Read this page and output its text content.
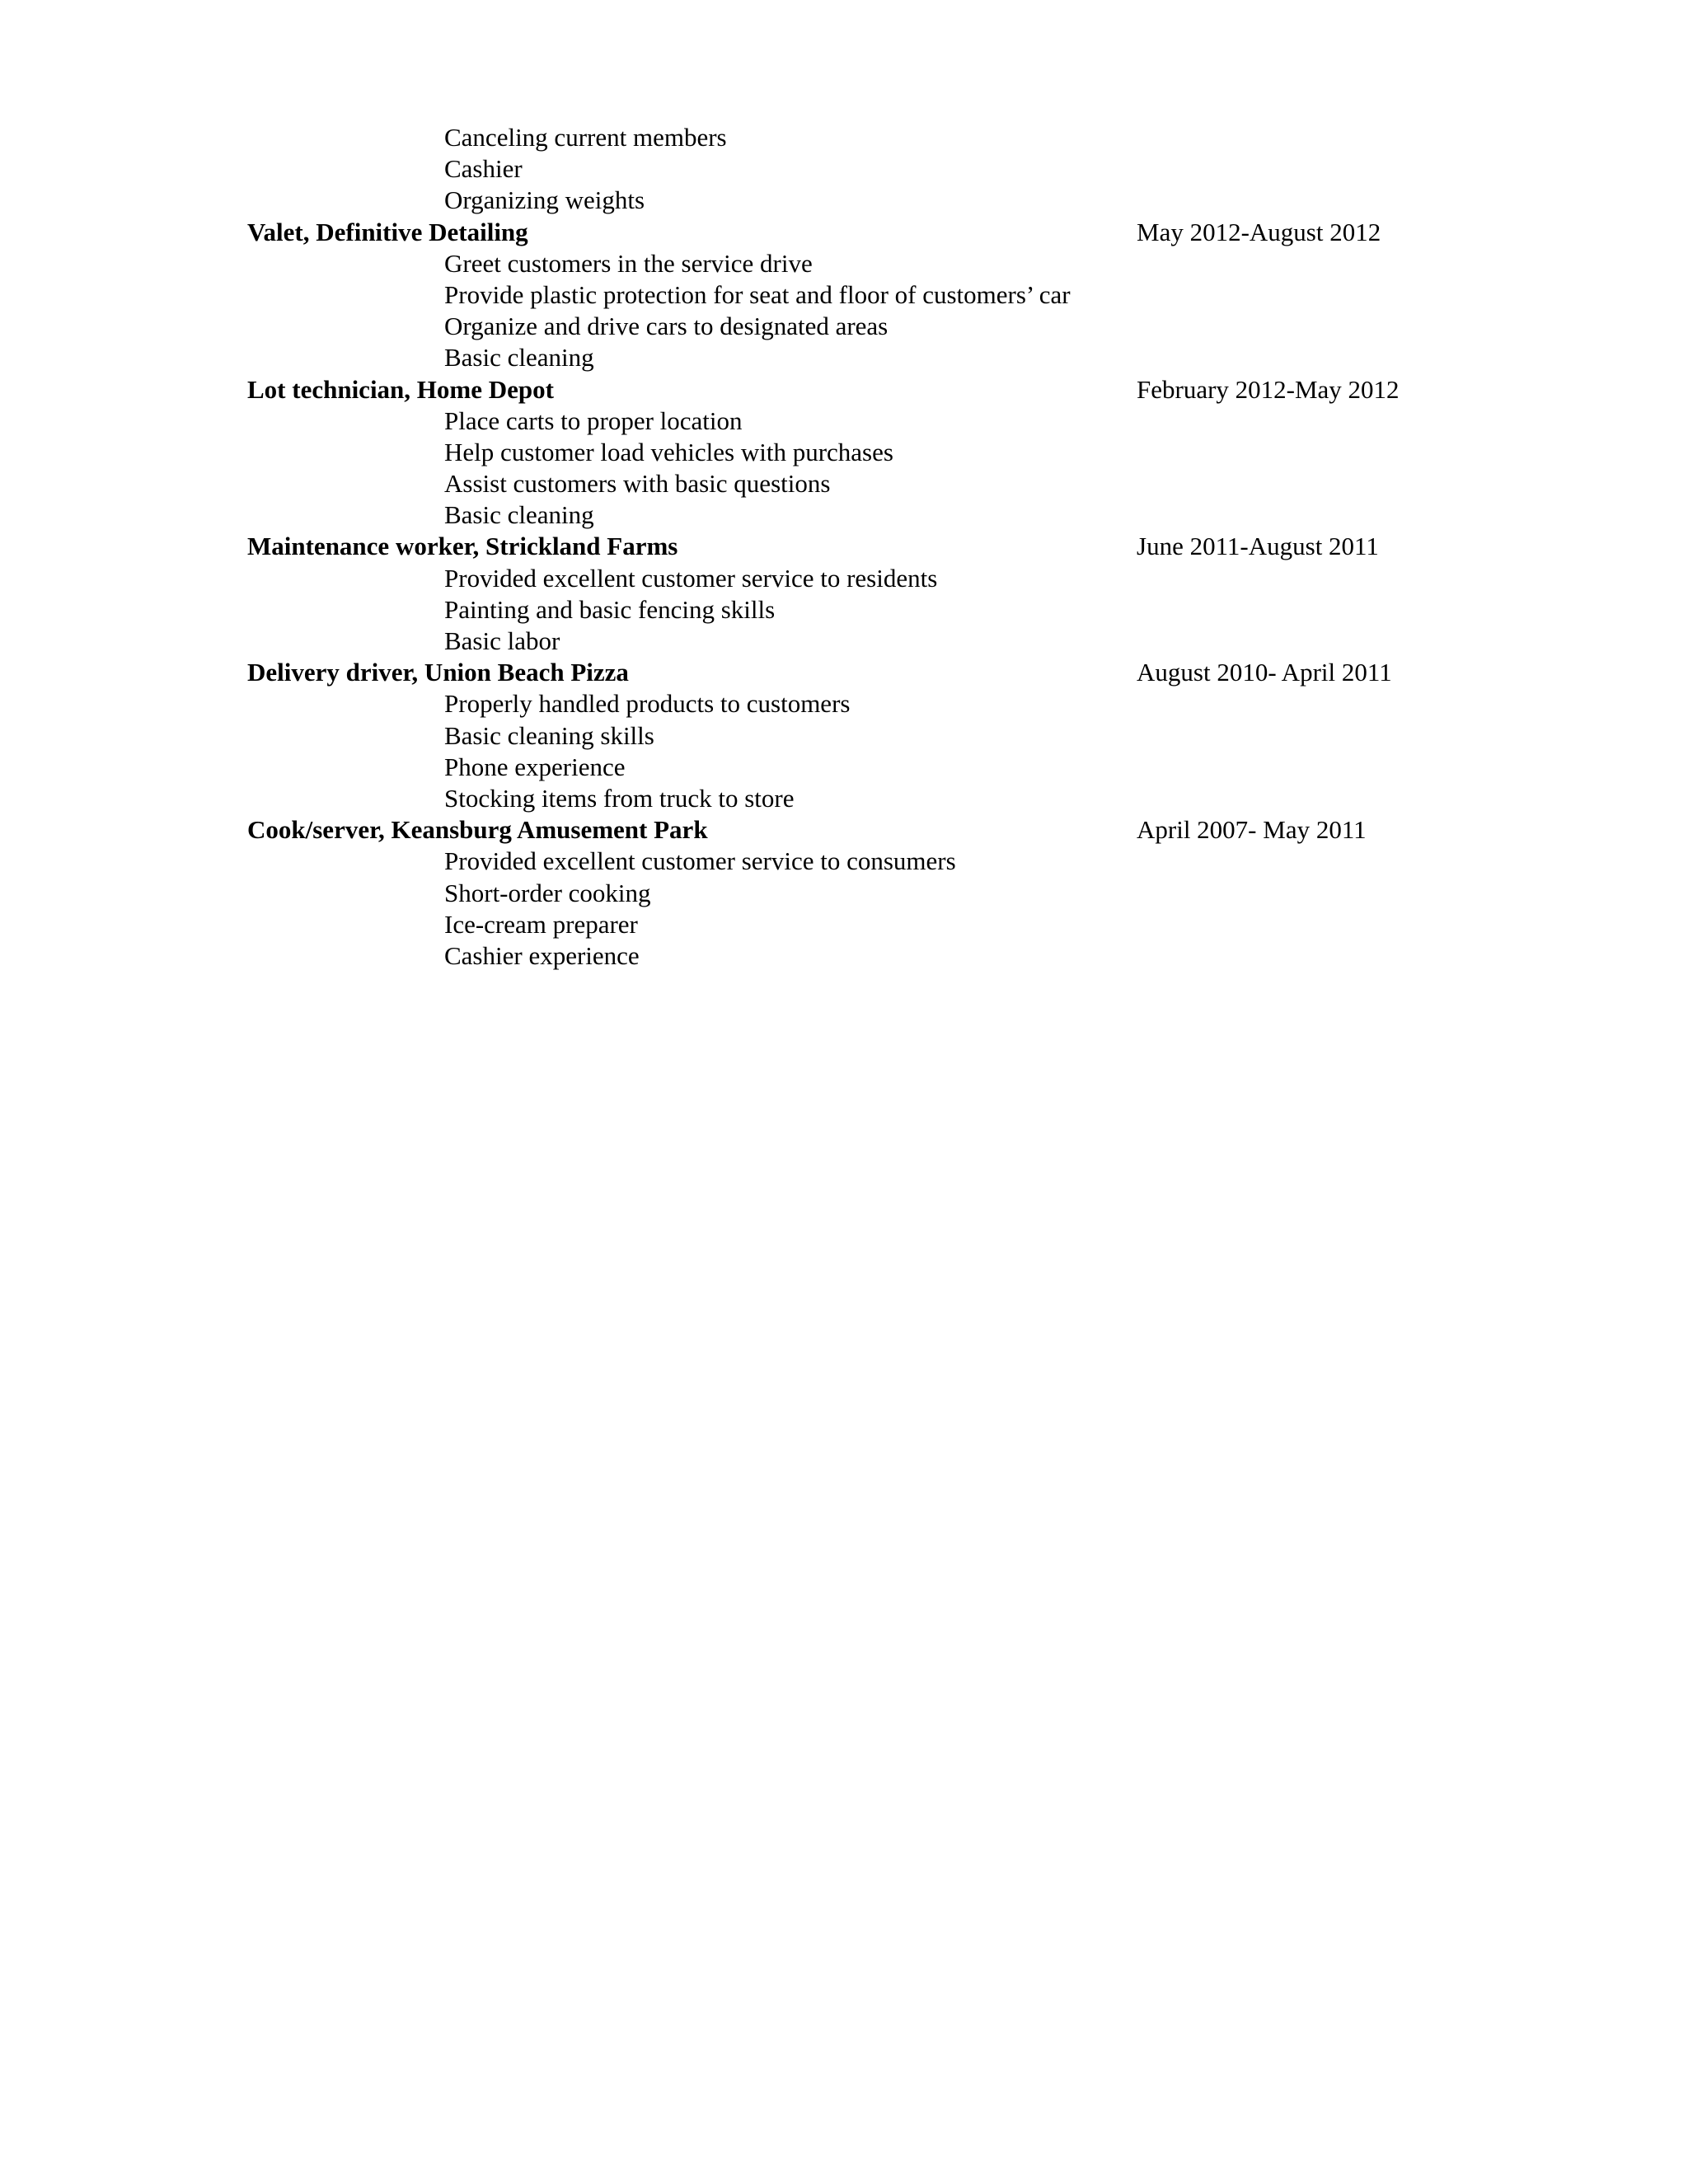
Canceling current members
Cashier
Organizing weights
Valet, Definitive Detailing	May 2012-August 2012
Greet customers in the service drive
Provide plastic protection for seat and floor of customers’ car
Organize and drive cars to designated areas
Basic cleaning
Lot technician, Home Depot	February 2012-May 2012
Place carts to proper location
Help customer load vehicles with purchases
Assist customers with basic questions
Basic cleaning
Maintenance worker, Strickland Farms	June 2011-August 2011
Provided excellent customer service to residents
Painting and basic fencing skills
Basic labor
Delivery driver, Union Beach Pizza	August 2010- April 2011
Properly handled products to customers
Basic cleaning skills
Phone experience
Stocking items from truck to store
Cook/server, Keansburg Amusement Park	April 2007- May 2011
Provided excellent customer service to consumers
Short-order cooking
Ice-cream preparer
Cashier experience
